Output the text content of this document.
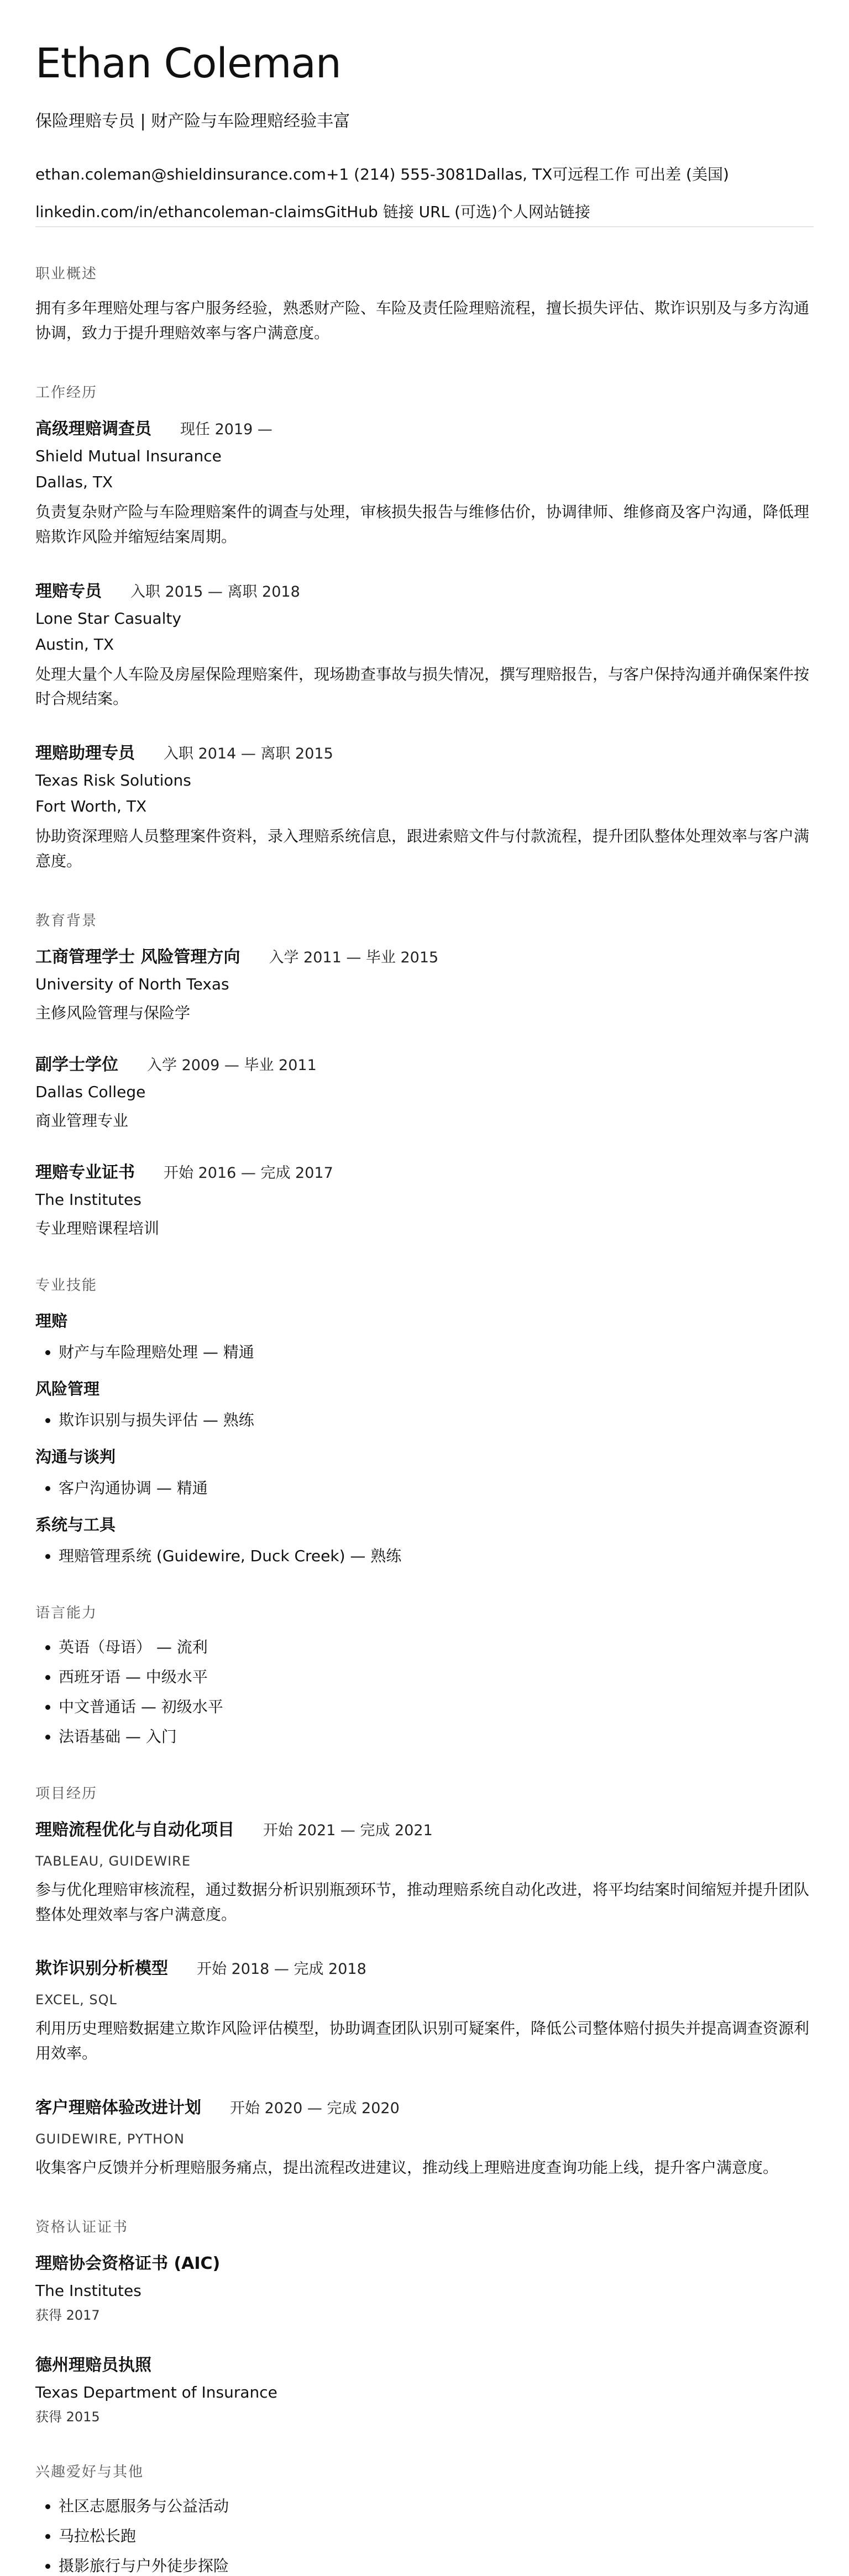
Ethan Coleman
保险理赔专员 | 财产险与车险理赔经验丰富
ethan.coleman@shieldinsurance.com+1 (214) 555-3081Dallas, TX可远程工作 可出差 (美国)
linkedin.com/in/ethancoleman-claimsGitHub 链接 URL (可选)个人网站链接
职业概述
拥有多年理赔处理与客户服务经验，熟悉财产险、车险及责任险理赔流程，擅长损失评估、欺诈识别及与多方沟通协调，致力于提升理赔效率与客户满意度。
工作经历
高级理赔调查员 现任 2019 —
Shield Mutual Insurance
Dallas, TX
负责复杂财产险与车险理赔案件的调查与处理，审核损失报告与维修估价，协调律师、维修商及客户沟通，降低理赔欺诈风险并缩短结案周期。
理赔专员 入职 2015 — 离职 2018
Lone Star Casualty
Austin, TX
处理大量个人车险及房屋保险理赔案件，现场勘查事故与损失情况，撰写理赔报告，与客户保持沟通并确保案件按时合规结案。
理赔助理专员 入职 2014 — 离职 2015
Texas Risk Solutions
Fort Worth, TX
协助资深理赔人员整理案件资料，录入理赔系统信息，跟进索赔文件与付款流程，提升团队整体处理效率与客户满意度。
教育背景
工商管理学士 风险管理方向 入学 2011 — 毕业 2015
University of North Texas
主修风险管理与保险学
副学士学位 入学 2009 — 毕业 2011
Dallas College
商业管理专业
理赔专业证书 开始 2016 — 完成 2017
The Institutes
专业理赔课程培训
专业技能
理赔
• 财产与车险理赔处理 — 精通
风险管理
• 欺诈识别与损失评估 — 熟练
沟通与谈判
• 客户沟通协调 — 精通
系统与工具
• 理赔管理系统 (Guidewire, Duck Creek) — 熟练
语言能力
• 英语（母语） — 流利
• 西班牙语 — 中级水平
• 中文普通话 — 初级水平
• 法语基础 — 入门
项目经历
理赔流程优化与自动化项目 开始 2021 — 完成 2021
TABLEAU, GUIDEWIRE
参与优化理赔审核流程，通过数据分析识别瓶颈环节，推动理赔系统自动化改进，将平均结案时间缩短并提升团队整体处理效率与客户满意度。
欺诈识别分析模型 开始 2018 — 完成 2018
EXCEL, SQL
利用历史理赔数据建立欺诈风险评估模型，协助调查团队识别可疑案件，降低公司整体赔付损失并提高调查资源利用效率。
客户理赔体验改进计划 开始 2020 — 完成 2020
GUIDEWIRE, PYTHON
收集客户反馈并分析理赔服务痛点，提出流程改进建议，推动线上理赔进度查询功能上线，提升客户满意度。
资格认证证书
理赔协会资格证书 (AIC)
The Institutes
获得 2017
德州理赔员执照
Texas Department of Insurance
获得 2015
兴趣爱好与其他
• 社区志愿服务与公益活动
• 马拉松长跑
• 摄影旅行与户外徒步探险
